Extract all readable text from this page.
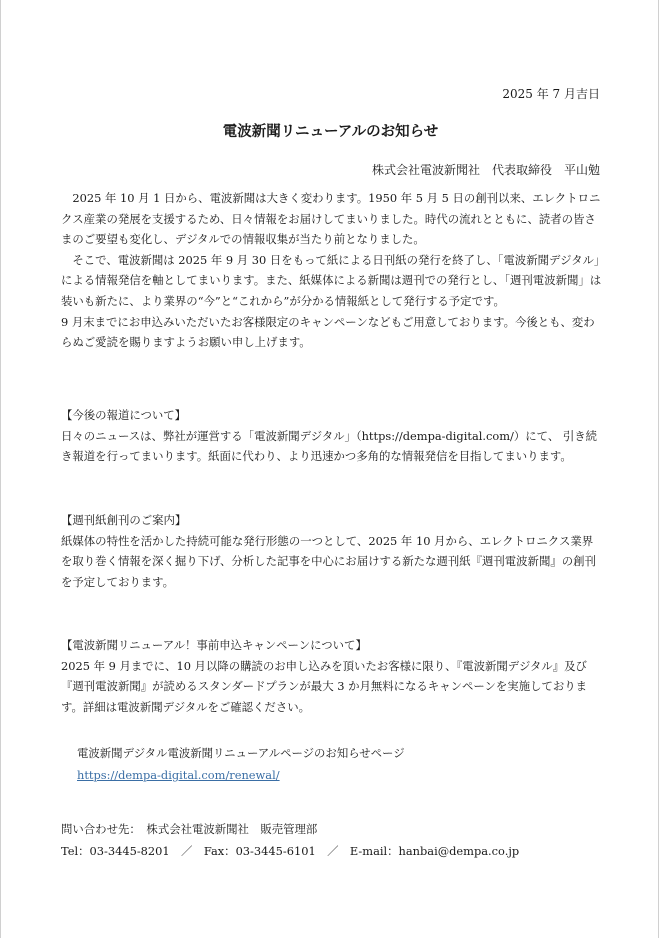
2025 年 7 月吉日
電波新聞リニューアルのお知らせ
株式会社電波新聞社　代表取締役　平山勉

2025 年 10 月 1 日から、電波新聞は大きく変わります。1950 年 5 月 5 日の創刊以来、エレクトロニクス産業の発展を支援するため、日々情報をお届けしてまいりました。時代の流れとともに、読者の皆さまのご要望も変化し、デジタルでの情報収集が当たり前となりました。

そこで、電波新聞は 2025 年 9 月 30 日をもって紙による日刊紙の発行を終了し、「電波新聞デジタル」による情報発信を軸としてまいります。また、紙媒体による新聞は週刊での発行とし、「週刊電波新聞」は装いも新たに、より業界の“今”と“これから”が分かる情報紙として発行する予定です。

9 月末までにお申込みいただいたお客様限定のキャンペーンなどもご用意しております。今後とも、変わらぬご愛読を賜りますようお願い申し上げます。

【今後の報道について】

日々のニュースは、弊社が運営する「電波新聞デジタル」（https://dempa-digital.com/）にて、 引き続き報道を行ってまいります。紙面に代わり、より迅速かつ多角的な情報発信を目指してまいります。

【週刊紙創刊のご案内】

紙媒体の特性を活かした持続可能な発行形態の一つとして、2025 年 10 月から、エレクトロニクス業界を取り巻く情報を深く掘り下げ、分析した記事を中心にお届けする新たな週刊紙『週刊電波新聞』の創刊を予定しております。

【電波新聞リニューアル！事前申込キャンペーンについて】

2025 年 9 月までに、10 月以降の購読のお申し込みを頂いたお客様に限り、『電波新聞デジタル』及び『週刊電波新聞』が読めるスタンダードプランが最大 3 か月無料になるキャンペーンを実施しております。詳細は電波新聞デジタルをご確認ください。

電波新聞デジタル電波新聞リニューアルページのお知らせページ
https://dempa-digital.com/renewal/

問い合わせ先：　株式会社電波新聞社　販売管理部

Tel：03-3445-8201　／　Fax：03-3445-6101　／　E-mail：hanbai@dempa.co.jp
